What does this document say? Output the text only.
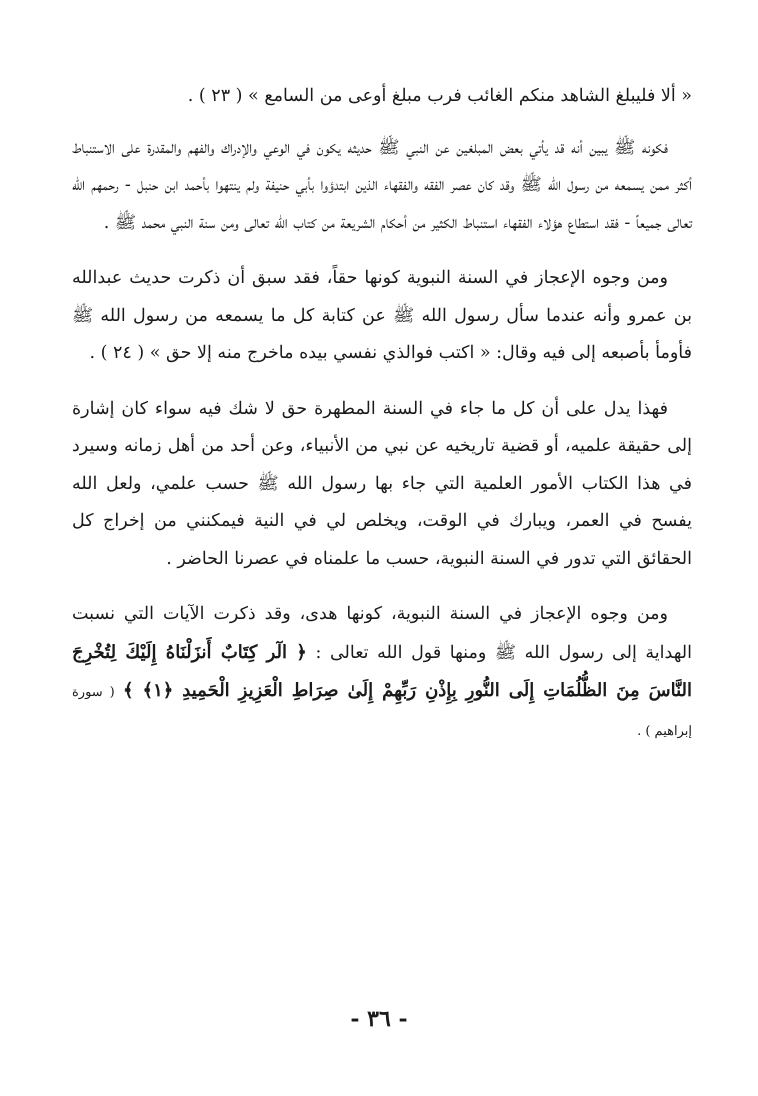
« ألا فليبلغ الشاهد منكم الغائب فرب مبلغ أوعى من السامع » ( ٢٣ ) .

فكونه ﷺ يبين أنه قد يأتي بعض المبلغين عن النبي ﷺ حديثه يكون في الوعي والإدراك والفهم والمقدرة على الاستنباط أكثر ممن يسمعه من رسول الله ﷺ وقد كان عصر الفقه والفقهاء الذين ابتدؤوا بأبي حنيفة ولم ينتهوا بأحمد ابن حنبل - رحمهم الله تعالى جميعاً - فقد استطاع هؤلاء الفقهاء استنباط الكثير من أحكام الشريعة من كتاب الله تعالى ومن سنة النبي محمد ﷺ .

ومن وجوه الإعجاز في السنة النبوية كونها حقاً، فقد سبق أن ذكرت حديث عبدالله بن عمرو وأنه عندما سأل رسول الله ﷺ عن كتابة كل ما يسمعه من رسول الله ﷺ فأومأ بأصبعه إلى فيه وقال: « اكتب فوالذي نفسي بيده ماخرج منه إلا حق » ( ٢٤ ) .

فهذا يدل على أن كل ما جاء في السنة المطهرة حق لا شك فيه سواء كان إشارة إلى حقيقة علميه، أو قضية تاريخيه عن نبي من الأنبياء، وعن أحد من أهل زمانه وسيرد في هذا الكتاب الأمور العلمية التي جاء بها رسول الله ﷺ حسب علمي، ولعل الله يفسح في العمر، ويبارك في الوقت، ويخلص لي في النية فيمكنني من إخراج كل الحقائق التي تدور في السنة النبوية، حسب ما علمناه في عصرنا الحاضر .

ومن وجوه الإعجاز في السنة النبوية، كونها هدى، وقد ذكرت الآيات التي نسبت الهداية إلى رسول الله ﷺ ومنها قول الله تعالى : ﴿ الٓر كِتَابٌ أَنزَلْنَاهُ إِلَيْكَ لِتُخْرِجَ النَّاسَ مِنَ الظُّلُمَاتِ إِلَى النُّورِ بِإِذْنِ رَبِّهِمْ إِلَىٰ صِرَاطِ الْعَزِيزِ الْحَمِيدِ ﴿١﴾ ﴾ ( سورة إبراهيم ) .

- ٣٦ -
